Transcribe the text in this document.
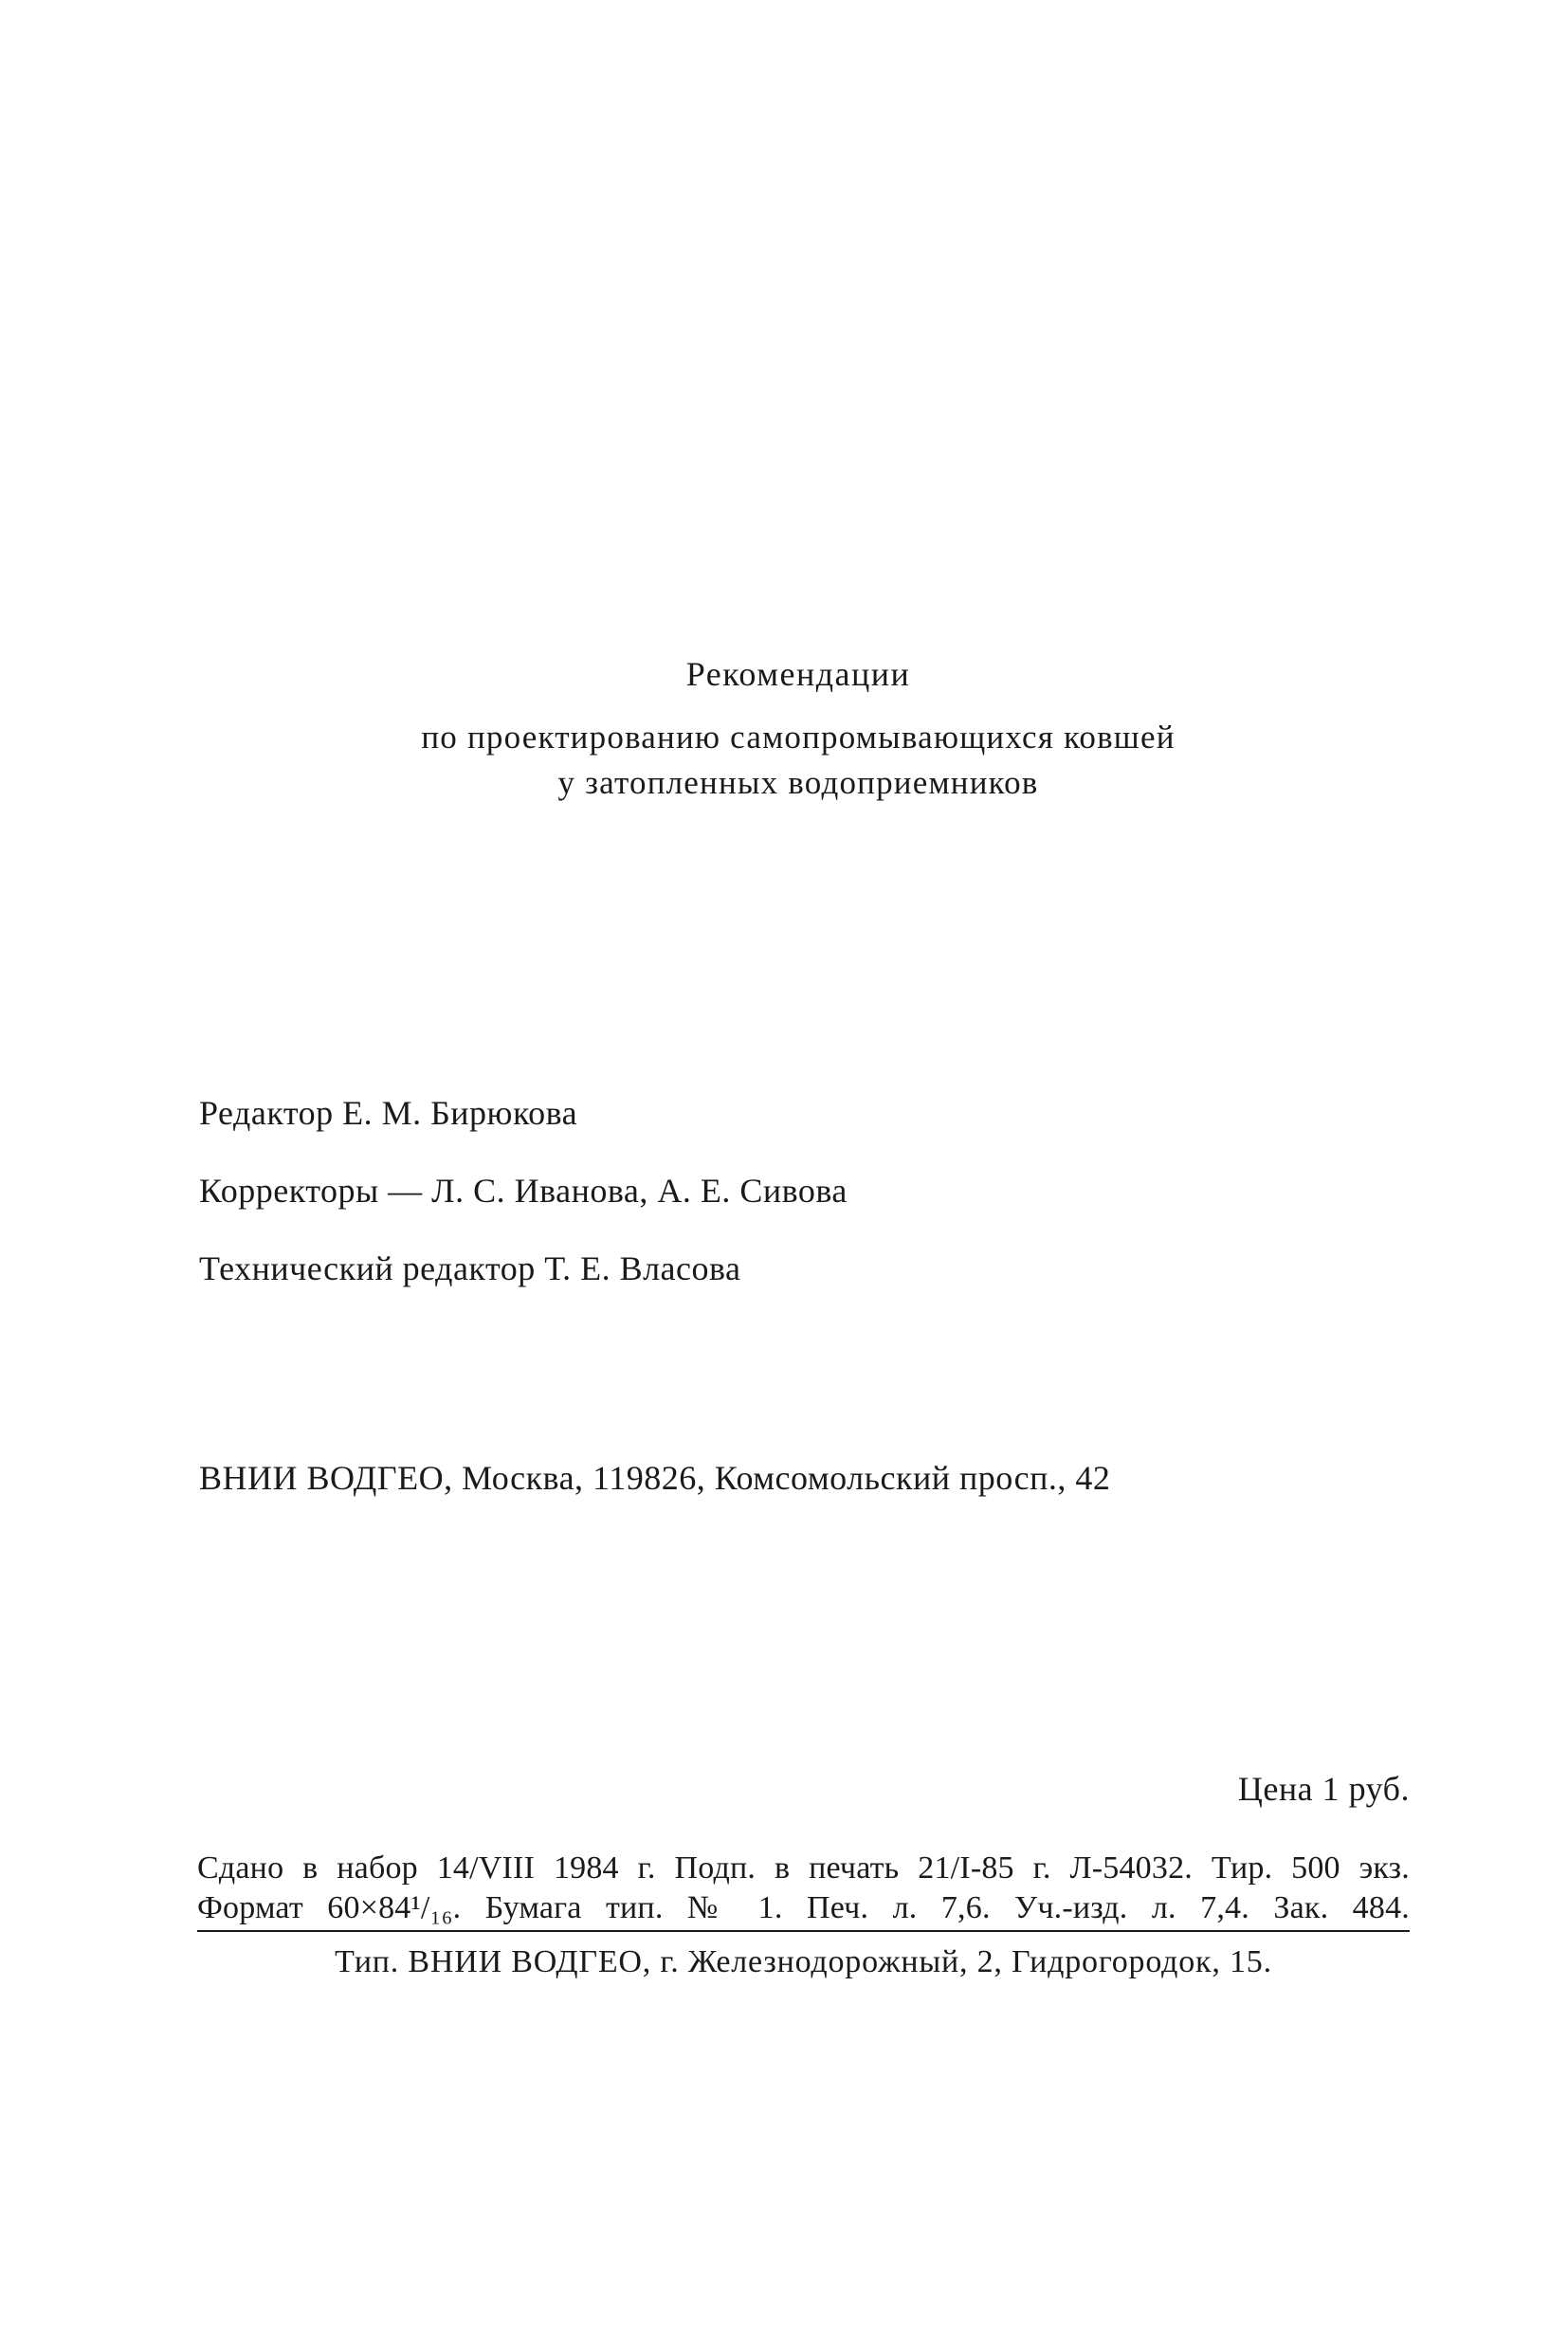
Рекомендации
по проектированию самопромывающихся ковшей
у затопленных водоприемников
Редактор Е. М. Бирюкова
Корректоры — Л. С. Иванова, А. Е. Сивова
Технический редактор Т. Е. Власова
ВНИИ ВОДГЕО, Москва, 119826, Комсомольский просп., 42
Цена 1 руб.
Сдано в набор 14/VIII 1984 г. Подп. в печать 21/I-85 г. Л-54032. Тир. 500 экз.
Формат 60×84¹/₁₆. Бумага тип. № 1. Печ. л. 7,6. Уч.-изд. л. 7,4. Зак. 484.
Тип. ВНИИ ВОДГЕО, г. Железнодорожный, 2, Гидрогородок, 15.
